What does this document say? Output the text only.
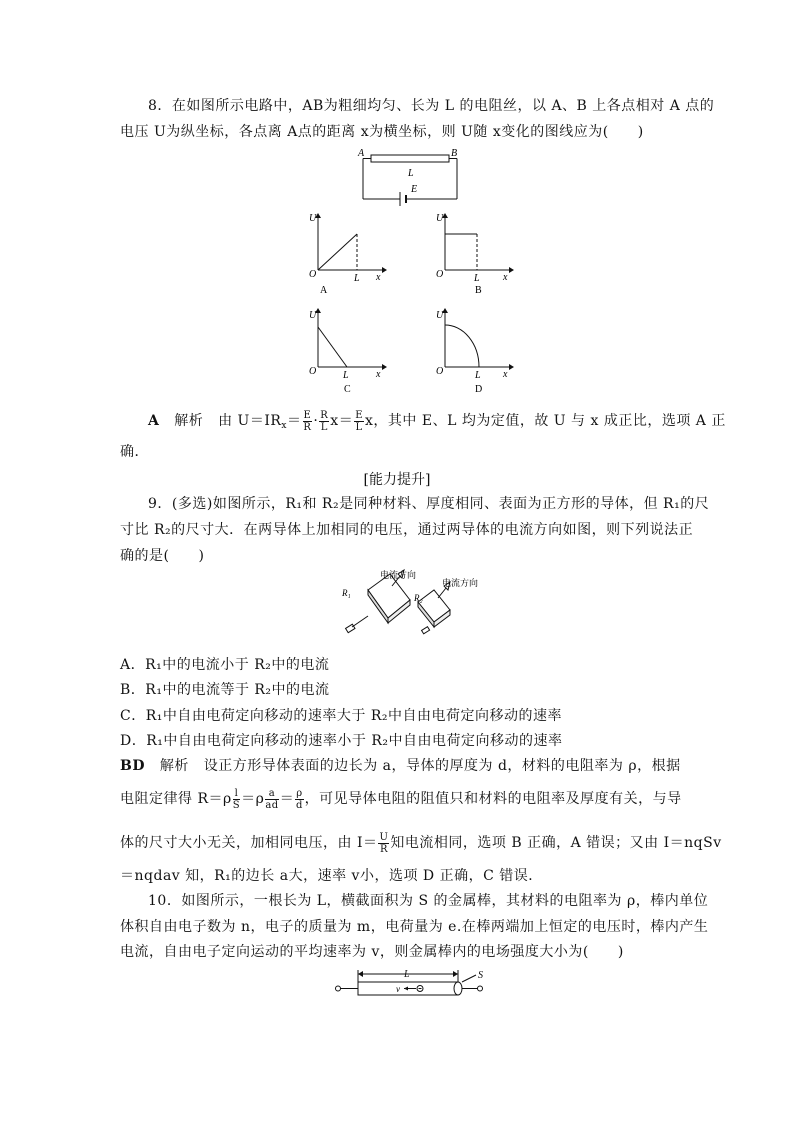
8．在如图所示电路中，AB为粗细均匀、长为 L 的电阻丝，以 A、B 上各点相对 A 点的
电压 U为纵坐标，各点离 A点的距离 x为横坐标，则 U随 x变化的图线应为(　　)
A	B
L
E
U
O	L x
A
U
O	L x
B
U
O	L	x
C
U
O	L x
D
A 解析 由 $U=IR_x= \frac{E}{R} \cdot \frac{R}{L} x= \frac{E}{L}$ x，其中 E、L 均为定值，故 U 与 x 成正比，选项 A 正
确．
[能力提升]
9．(多选)如图所示，R₁和 R₂是同种材料、厚度相同、表面为正方形的导体，但 R₁的尺
寸比 R₂的尺寸大．在两导体上加相同的电压，通过两导体的电流方向如图，则下列说法正
确的是(　　)
R₁
电流方向
R₂
电流方向
A．R₁中的电流小于 R₂中的电流
B．R₁中的电流等于 R₂中的电流
C．R₁中自由电荷定向移动的速率大于 R₂中自由电荷定向移动的速率
D．R₁中自由电荷定向移动的速率小于 R₂中自由电荷定向移动的速率
BD 解析 设正方形导体表面的边长为 a，导体的厚度为 d，材料的电阻率为 ρ，根据
电阻定律得 $R=\rho \frac{l}{S} =\rho \frac{a}{ad} = \frac{\rho}{d}$ ，可见导体电阻的阻值只和材料的电阻率及厚度有关，与导
体的尺寸大小无关，加相同电压，由 $I= \frac{U}{R}$ 知电流相同，选项 B 正确，A 错误；又由 I＝nqSv
＝nqdav 知，R₁的边长 a大，速率 v小，选项 D 正确，C 错误．
10．如图所示，一根长为 L，横截面积为 S 的金属棒，其材料的电阻率为 ρ，棒内单位
体积自由电子数为 n，电子的质量为 m，电荷量为 e.在棒两端加上恒定的电压时，棒内产生
电流，自由电子定向运动的平均速率为 v，则金属棒内的电场强度大小为(　　)
L	S
v
